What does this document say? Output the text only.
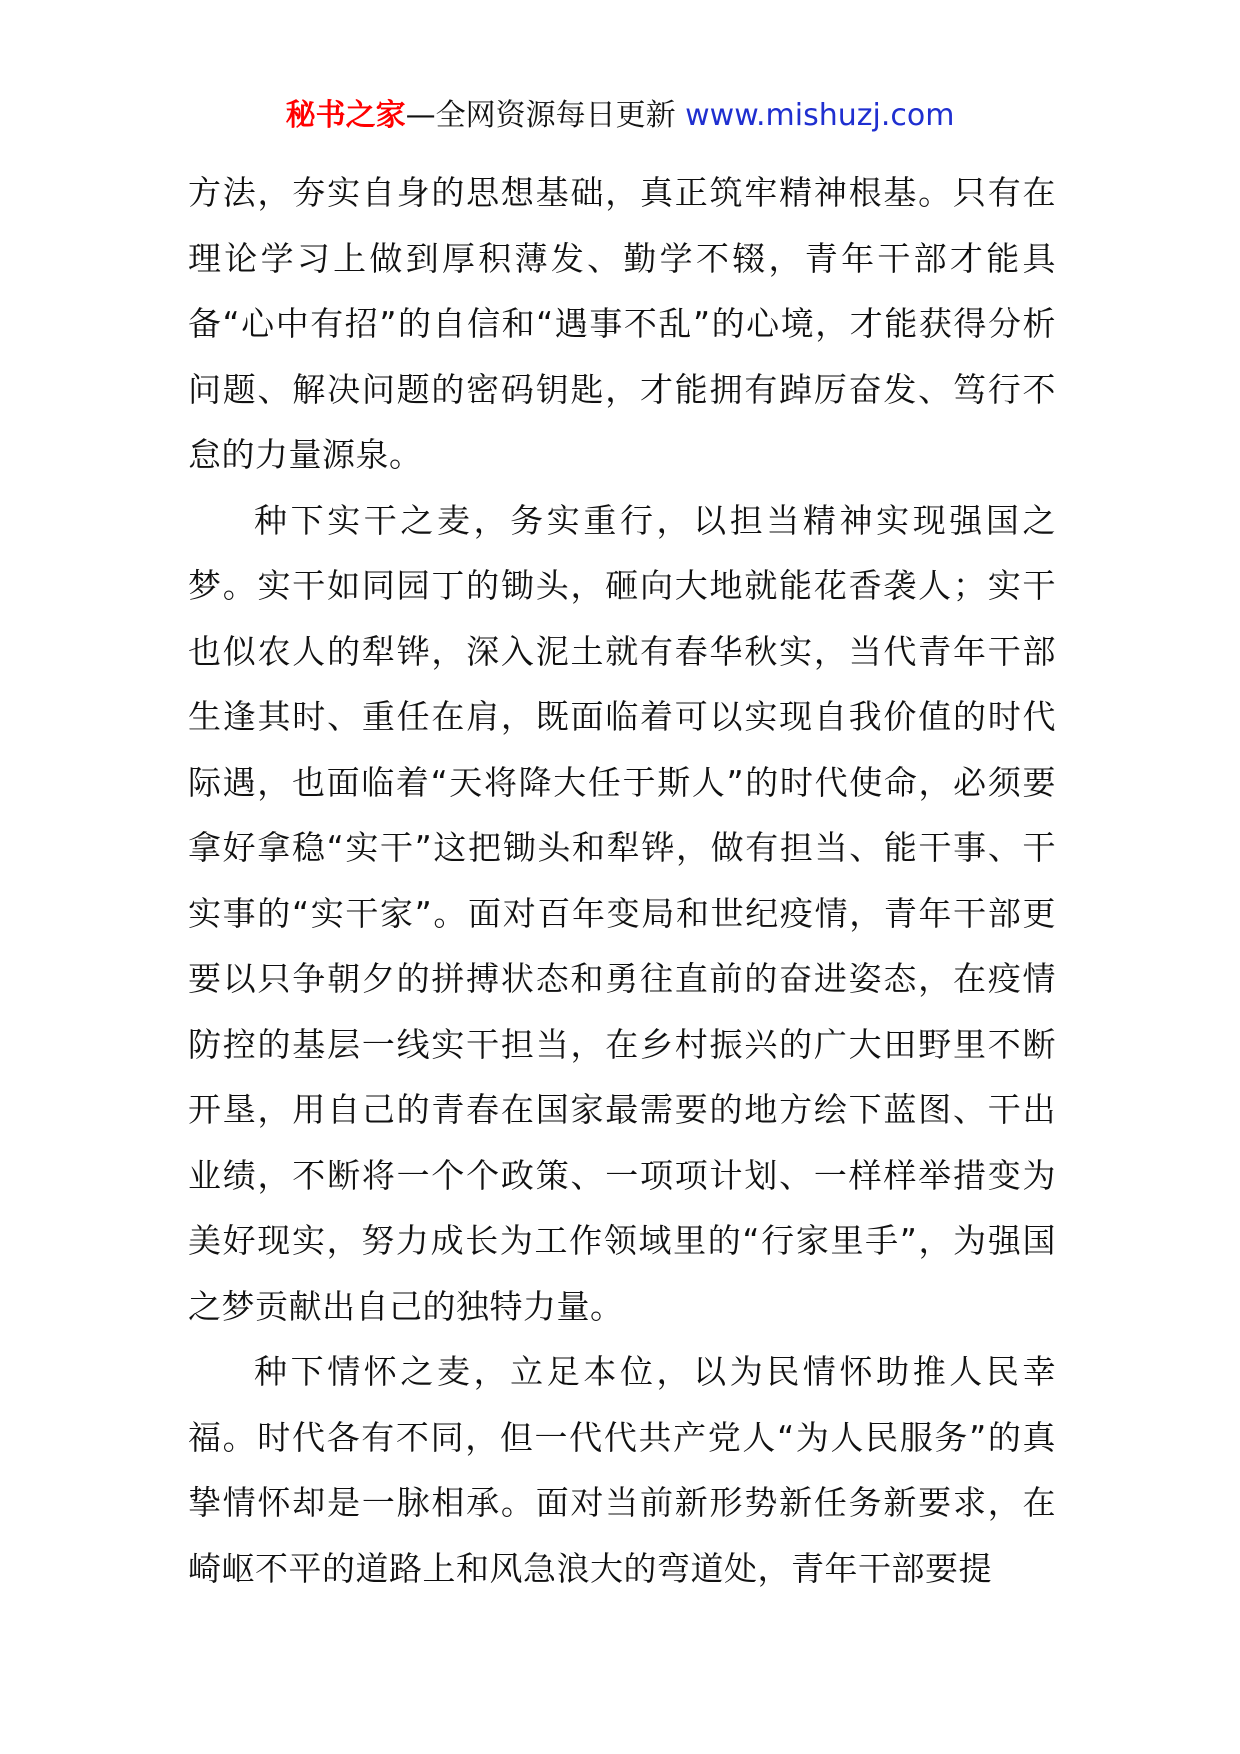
秘书之家—全网资源每日更新 www.mishuzj.com

方法，夯实自身的思想基础，真正筑牢精神根基。只有在理论学习上做到厚积薄发、勤学不辍，青年干部才能具备“心中有招”的自信和“遇事不乱”的心境，才能获得分析问题、解决问题的密码钥匙，才能拥有踔厉奋发、笃行不怠的力量源泉。

种下实干之麦，务实重行，以担当精神实现强国之梦。实干如同园丁的锄头，砸向大地就能花香袭人；实干也似农人的犁铧，深入泥土就有春华秋实，当代青年干部生逢其时、重任在肩，既面临着可以实现自我价值的时代际遇，也面临着“天将降大任于斯人”的时代使命，必须要拿好拿稳“实干”这把锄头和犁铧，做有担当、能干事、干实事的“实干家”。面对百年变局和世纪疫情，青年干部更要以只争朝夕的拼搏状态和勇往直前的奋进姿态，在疫情防控的基层一线实干担当，在乡村振兴的广大田野里不断开垦，用自己的青春在国家最需要的地方绘下蓝图、干出业绩，不断将一个个政策、一项项计划、一样样举措变为美好现实，努力成长为工作领域里的“行家里手”，为强国之梦贡献出自己的独特力量。

种下情怀之麦，立足本位，以为民情怀助推人民幸福。时代各有不同，但一代代共产党人“为人民服务”的真挚情怀却是一脉相承。面对当前新形势新任务新要求，在崎岖不平的道路上和风急浪大的弯道处，青年干部要提
